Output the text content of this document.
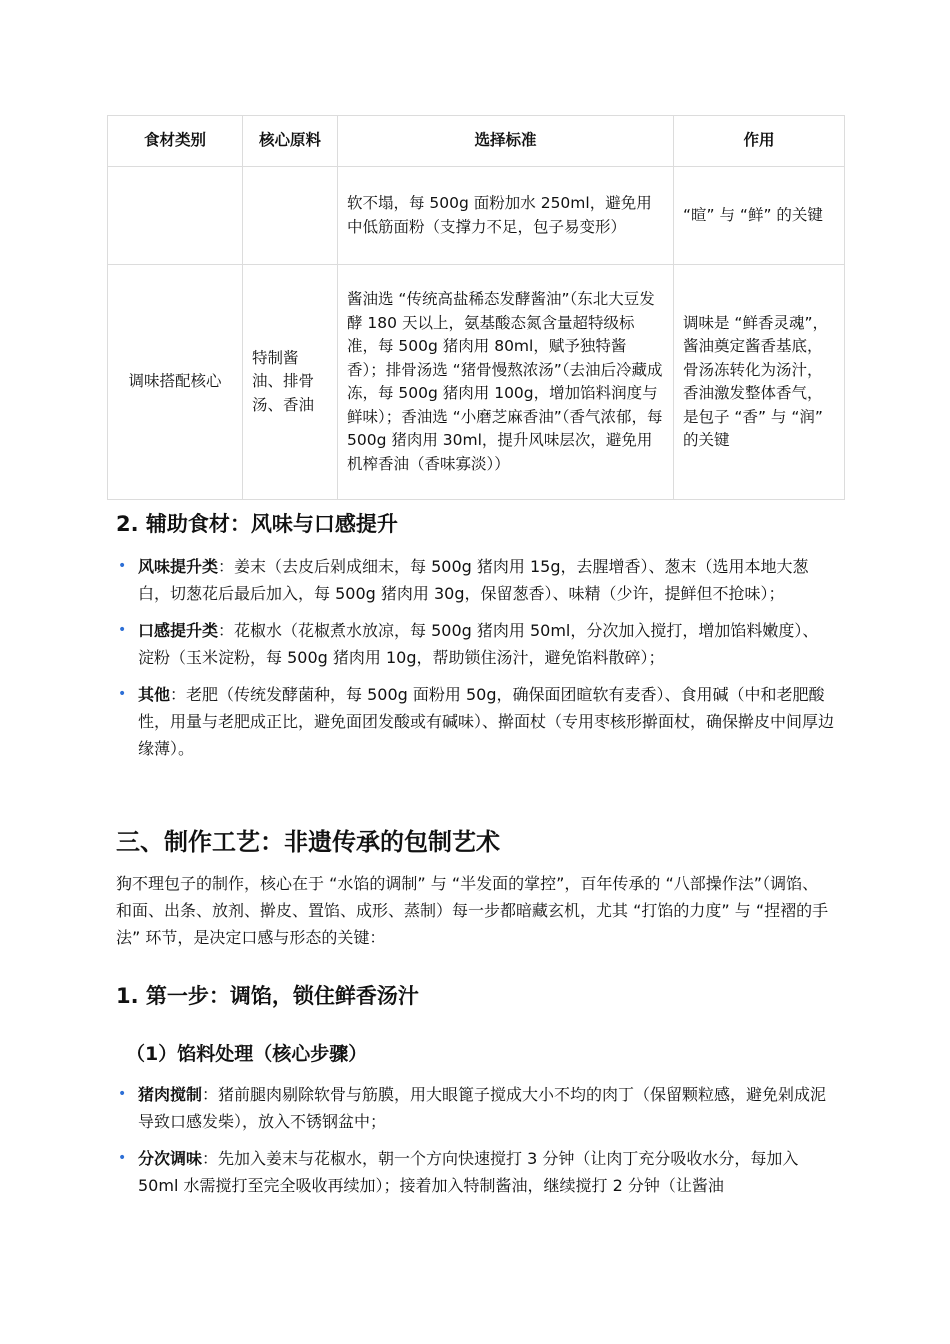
食材类别	核心原料	选择标准	作用
		软不塌，每 500g 面粉加水 250ml，避免用中低筋面粉（支撑力不足，包子易变形）	“暄” 与 “鲜” 的关键
调味搭配核心	特制酱油、排骨汤、香油	酱油选 “传统高盐稀态发酵酱油”（东北大豆发酵 180 天以上，氨基酸态氮含量超特级标准，每 500g 猪肉用 80ml，赋予独特酱香）；排骨汤选 “猪骨慢熬浓汤”（去油后冷藏成冻，每 500g 猪肉用 100g，增加馅料润度与鲜味）；香油选 “小磨芝麻香油”（香气浓郁，每 500g 猪肉用 30ml，提升风味层次，避免用机榨香油（香味寡淡））	调味是 “鲜香灵魂”，酱油奠定酱香基底，骨汤冻转化为汤汁，香油激发整体香气，是包子 “香” 与 “润” 的关键
2. 辅助食材：风味与口感提升
• 风味提升类：姜末（去皮后剁成细末，每 500g 猪肉用 15g，去腥增香）、葱末（选用本地大葱白，切葱花后最后加入，每 500g 猪肉用 30g，保留葱香）、味精（少许，提鲜但不抢味）；
• 口感提升类：花椒水（花椒煮水放凉，每 500g 猪肉用 50ml，分次加入搅打，增加馅料嫩度）、淀粉（玉米淀粉，每 500g 猪肉用 10g，帮助锁住汤汁，避免馅料散碎）；
• 其他：老肥（传统发酵菌种，每 500g 面粉用 50g，确保面团暄软有麦香）、食用碱（中和老肥酸性，用量与老肥成正比，避免面团发酸或有碱味）、擀面杖（专用枣核形擀面杖，确保擀皮中间厚边缘薄）。
三、制作工艺：非遗传承的包制艺术

狗不理包子的制作，核心在于 “水馅的调制” 与 “半发面的掌控”，百年传承的 “八部操作法”（调馅、和面、出条、放剂、擀皮、置馅、成形、蒸制）每一步都暗藏玄机，尤其 “打馅的力度” 与 “捏褶的手法” 环节，是决定口感与形态的关键：

1. 第一步：调馅，锁住鲜香汤汁
（1）馅料处理（核心步骤）
• 猪肉搅制：猪前腿肉剔除软骨与筋膜，用大眼篦子搅成大小不均的肉丁（保留颗粒感，避免剁成泥导致口感发柴），放入不锈钢盆中；
• 分次调味：先加入姜末与花椒水，朝一个方向快速搅打 3 分钟（让肉丁充分吸收水分，每加入 50ml 水需搅打至完全吸收再续加）；接着加入特制酱油，继续搅打 2 分钟（让酱油
